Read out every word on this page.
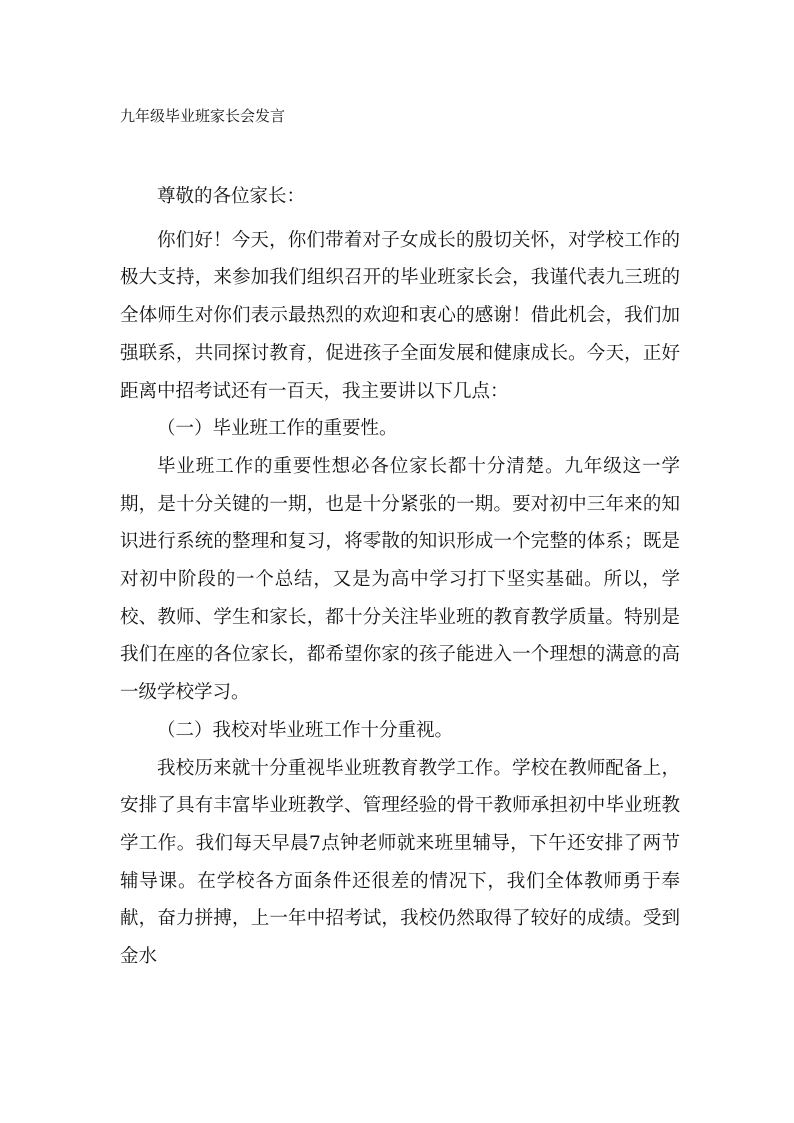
九年级毕业班家长会发言

尊敬的各位家长：

你们好！今天，你们带着对子女成长的殷切关怀，对学校工作的极大支持，来参加我们组织召开的毕业班家长会，我谨代表九三班的全体师生对你们表示最热烈的欢迎和衷心的感谢！借此机会，我们加强联系，共同探讨教育，促进孩子全面发展和健康成长。今天，正好距离中招考试还有一百天，我主要讲以下几点：

（一）毕业班工作的重要性。

毕业班工作的重要性想必各位家长都十分清楚。九年级这一学期，是十分关键的一期，也是十分紧张的一期。要对初中三年来的知识进行系统的整理和复习，将零散的知识形成一个完整的体系；既是对初中阶段的一个总结，又是为高中学习打下坚实基础。所以，学校、教师、学生和家长，都十分关注毕业班的教育教学质量。特别是我们在座的各位家长，都希望你家的孩子能进入一个理想的满意的高一级学校学习。

（二）我校对毕业班工作十分重视。

我校历来就十分重视毕业班教育教学工作。学校在教师配备上，安排了具有丰富毕业班教学、管理经验的骨干教师承担初中毕业班教学工作。我们每天早晨7点钟老师就来班里辅导，下午还安排了两节辅导课。在学校各方面条件还很差的情况下，我们全体教师勇于奉献，奋力拼搏，上一年中招考试，我校仍然取得了较好的成绩。受到金水
